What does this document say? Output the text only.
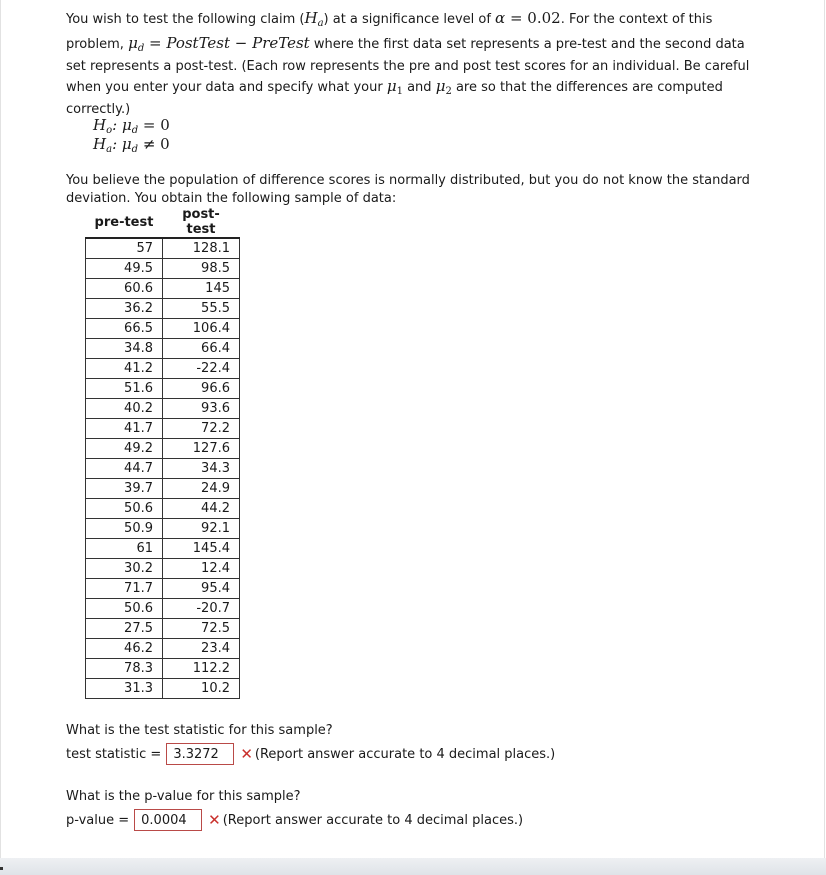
You wish to test the following claim $(H_a)$ at a significance level of α = 0.02. For the context of this problem, $\mu_d$ = PostTest − PreTest where the first data set represents a pre-test and the second data set represents a post-test. (Each row represents the pre and post test scores for an individual. Be careful when you enter your data and specify what your $\mu_1$ and $\mu_2$ are so that the differences are computed correctly.)
$H_o$: $\mu_d = 0$
$H_a$: $\mu_d \ne 0$
You believe the population of difference scores is normally distributed, but you do not know the standard deviation. You obtain the following sample of data:
pre-test	post-test
57	128.1
49.5	98.5
60.6	145
36.2	55.5
66.5	106.4
34.8	66.4
41.2	-22.4
51.6	96.6
40.2	93.6
41.7	72.2
49.2	127.6
44.7	34.3
39.7	24.9
50.6	44.2
50.9	92.1
61	145.4
30.2	12.4
71.7	95.4
50.6	-20.7
27.5	72.5
46.2	23.4
78.3	112.2
31.3	10.2
What is the test statistic for this sample?
test statistic = 3.3272	✕ (Report answer accurate to 4 decimal places.)
What is the p-value for this sample?
p-value = 0.0004	✕ (Report answer accurate to 4 decimal places.)
